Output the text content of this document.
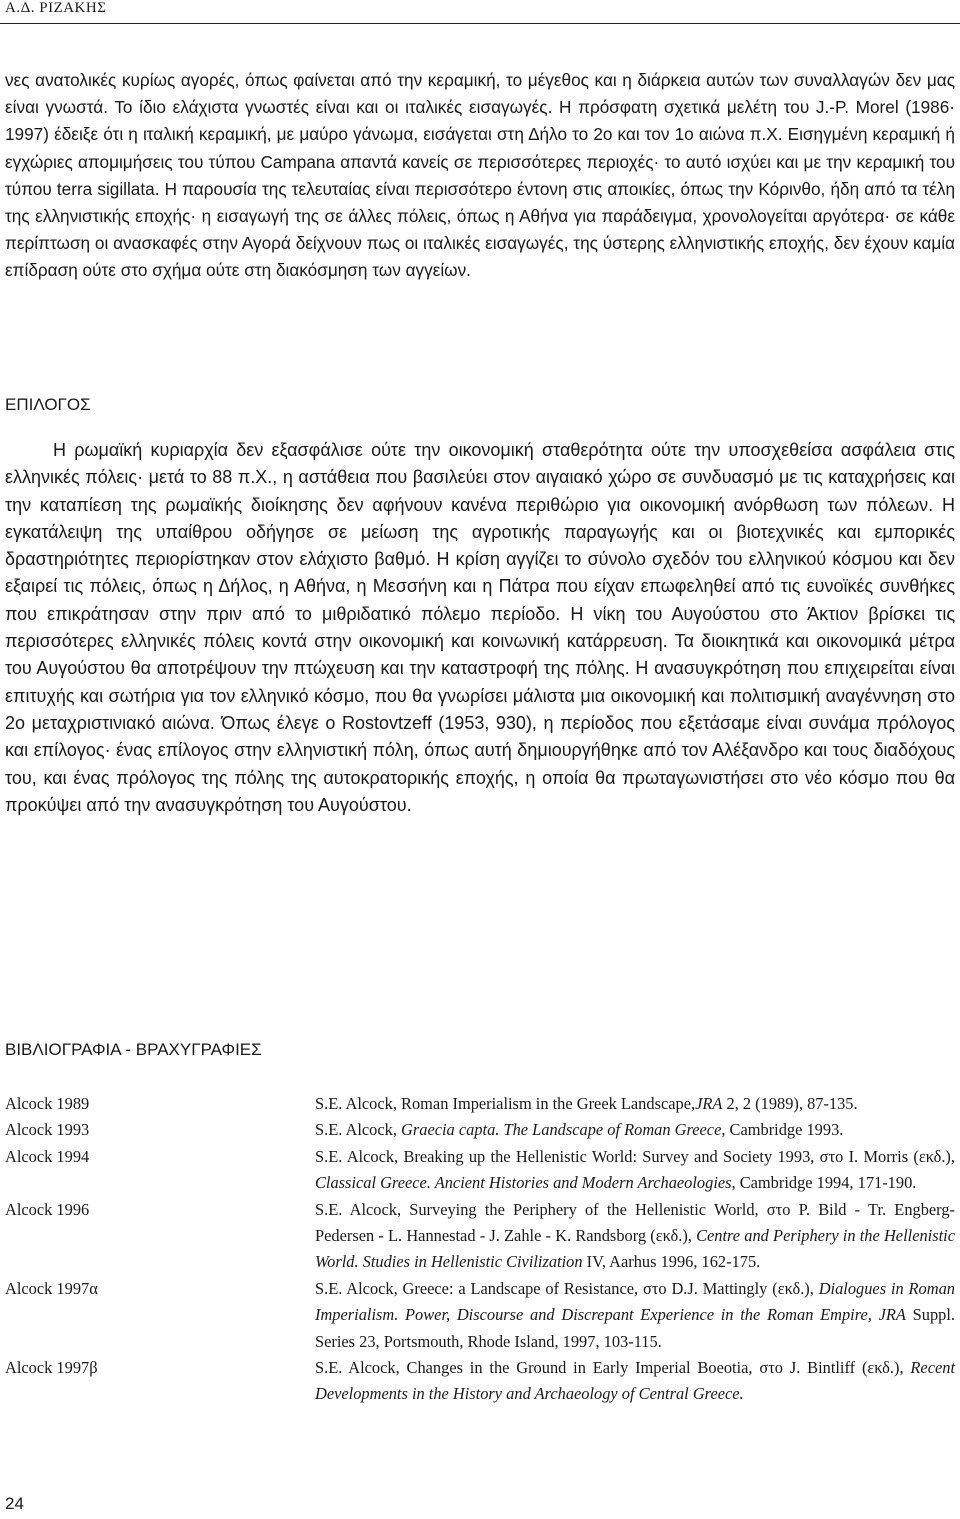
Α.Δ. ΡΙΖΑΚΗΣ

νες ανατολικές κυρίως αγορές, όπως φαίνεται από την κεραμική, το μέγεθος και η διάρκεια αυτών των συναλλαγών δεν μας είναι γνωστά. Το ίδιο ελάχιστα γνωστές είναι και οι ιταλικές εισαγωγές. Η πρόσφατη σχετικά μελέτη του J.-P. Morel (1986· 1997) έδειξε ότι η ιταλική κεραμική, με μαύρο γάνωμα, εισάγεται στη Δήλο το 2ο και τον 1ο αιώνα π.Χ. Εισηγμένη κεραμική ή εγχώριες απομιμήσεις του τύπου Campana απαντά κανείς σε περισσότερες περιοχές· το αυτό ισχύει και με την κεραμική του τύπου terra sigillata. Η παρουσία της τελευταίας είναι περισσότερο έντονη στις αποικίες, όπως την Κόρινθο, ήδη από τα τέλη της ελληνιστικής εποχής· η εισαγωγή της σε άλλες πόλεις, όπως η Αθήνα για παράδειγμα, χρονολογείται αργότερα· σε κάθε περίπτωση οι ανασκαφές στην Αγορά δείχνουν πως οι ιταλικές εισαγωγές, της ύστερης ελληνιστικής εποχής, δεν έχουν καμία επίδραση ούτε στο σχήμα ούτε στη διακόσμηση των αγγείων.

ΕΠΙΛΟΓΟΣ

Η ρωμαϊκή κυριαρχία δεν εξασφάλισε ούτε την οικονομική σταθερότητα ούτε την υποσχεθείσα ασφάλεια στις ελληνικές πόλεις· μετά το 88 π.Χ., η αστάθεια που βασιλεύει στον αιγαιακό χώρο σε συνδυασμό με τις καταχρήσεις και την καταπίεση της ρωμαϊκής διοίκησης δεν αφήνουν κανένα περιθώριο για οικονομική ανόρθωση των πόλεων. Η εγκατάλειψη της υπαίθρου οδήγησε σε μείωση της αγροτικής παραγωγής και οι βιοτεχνικές και εμπορικές δραστηριότητες περιορίστηκαν στον ελάχιστο βαθμό. Η κρίση αγγίζει το σύνολο σχεδόν του ελληνικού κόσμου και δεν εξαιρεί τις πόλεις, όπως η Δήλος, η Αθήνα, η Μεσσήνη και η Πάτρα που είχαν επωφεληθεί από τις ευνοϊκές συνθήκες που επικράτησαν στην πριν από το μιθριδατικό πόλεμο περίοδο. Η νίκη του Αυγούστου στο Άκτιον βρίσκει τις περισσότερες ελληνικές πόλεις κοντά στην οικονομική και κοινωνική κατάρρευση. Τα διοικητικά και οικονομικά μέτρα του Αυγούστου θα αποτρέψουν την πτώχευση και την καταστροφή της πόλης. Η ανασυγκρότηση που επιχειρείται είναι επιτυχής και σωτήρια για τον ελληνικό κόσμο, που θα γνωρίσει μάλιστα μια οικονομική και πολιτισμική αναγέννηση στο 2ο μεταχριστινιακό αιώνα. Όπως έλεγε ο Rostovtzeff (1953, 930), η περίοδος που εξετάσαμε είναι συνάμα πρόλογος και επίλογος· ένας επίλογος στην ελληνιστική πόλη, όπως αυτή δημιουργήθηκε από τον Αλέξανδρο και τους διαδόχους του, και ένας πρόλογος της πόλης της αυτοκρατορικής εποχής, η οποία θα πρωταγωνιστήσει στο νέο κόσμο που θα προκύψει από την ανασυγκρότηση του Αυγούστου.

ΒΙΒΛΙΟΓΡΑΦΙΑ - ΒΡΑΧΥΓΡΑΦΙΕΣ
Alcock 1989	S.E. Alcock, Roman Imperialism in the Greek Landscape,JRA 2, 2 (1989), 87-135.
Alcock 1993	S.E. Alcock, Graecia capta. The Landscape of Roman Greece, Cambridge 1993.
Alcock 1994	S.E. Alcock, Breaking up the Hellenistic World: Survey and Society 1993, στο I. Morris (εκδ.), Classical Greece. Ancient Histories and Modern Archaeologies, Cambridge 1994, 171-190.
Alcock 1996	S.E. Alcock, Surveying the Periphery of the Hellenistic World, στο P. Bild - Tr. Engberg-Pedersen - L. Hannestad - J. Zahle - K. Randsborg (εκδ.), Centre and Periphery in the Hellenistic World. Studies in Hellenistic Civilization IV, Aarhus 1996, 162-175.
Alcock 1997α	S.E. Alcock, Greece: a Landscape of Resistance, στο D.J. Mattingly (εκδ.), Dialogues in Roman Imperialism. Power, Discourse and Discrepant Experience in the Roman Empire, JRA Suppl. Series 23, Portsmouth, Rhode Island, 1997, 103-115.
Alcock 1997β	S.E. Alcock, Changes in the Ground in Early Imperial Boeotia, στο J. Bintliff (εκδ.), Recent Developments in the History and Archaeology of Central Greece.
24
